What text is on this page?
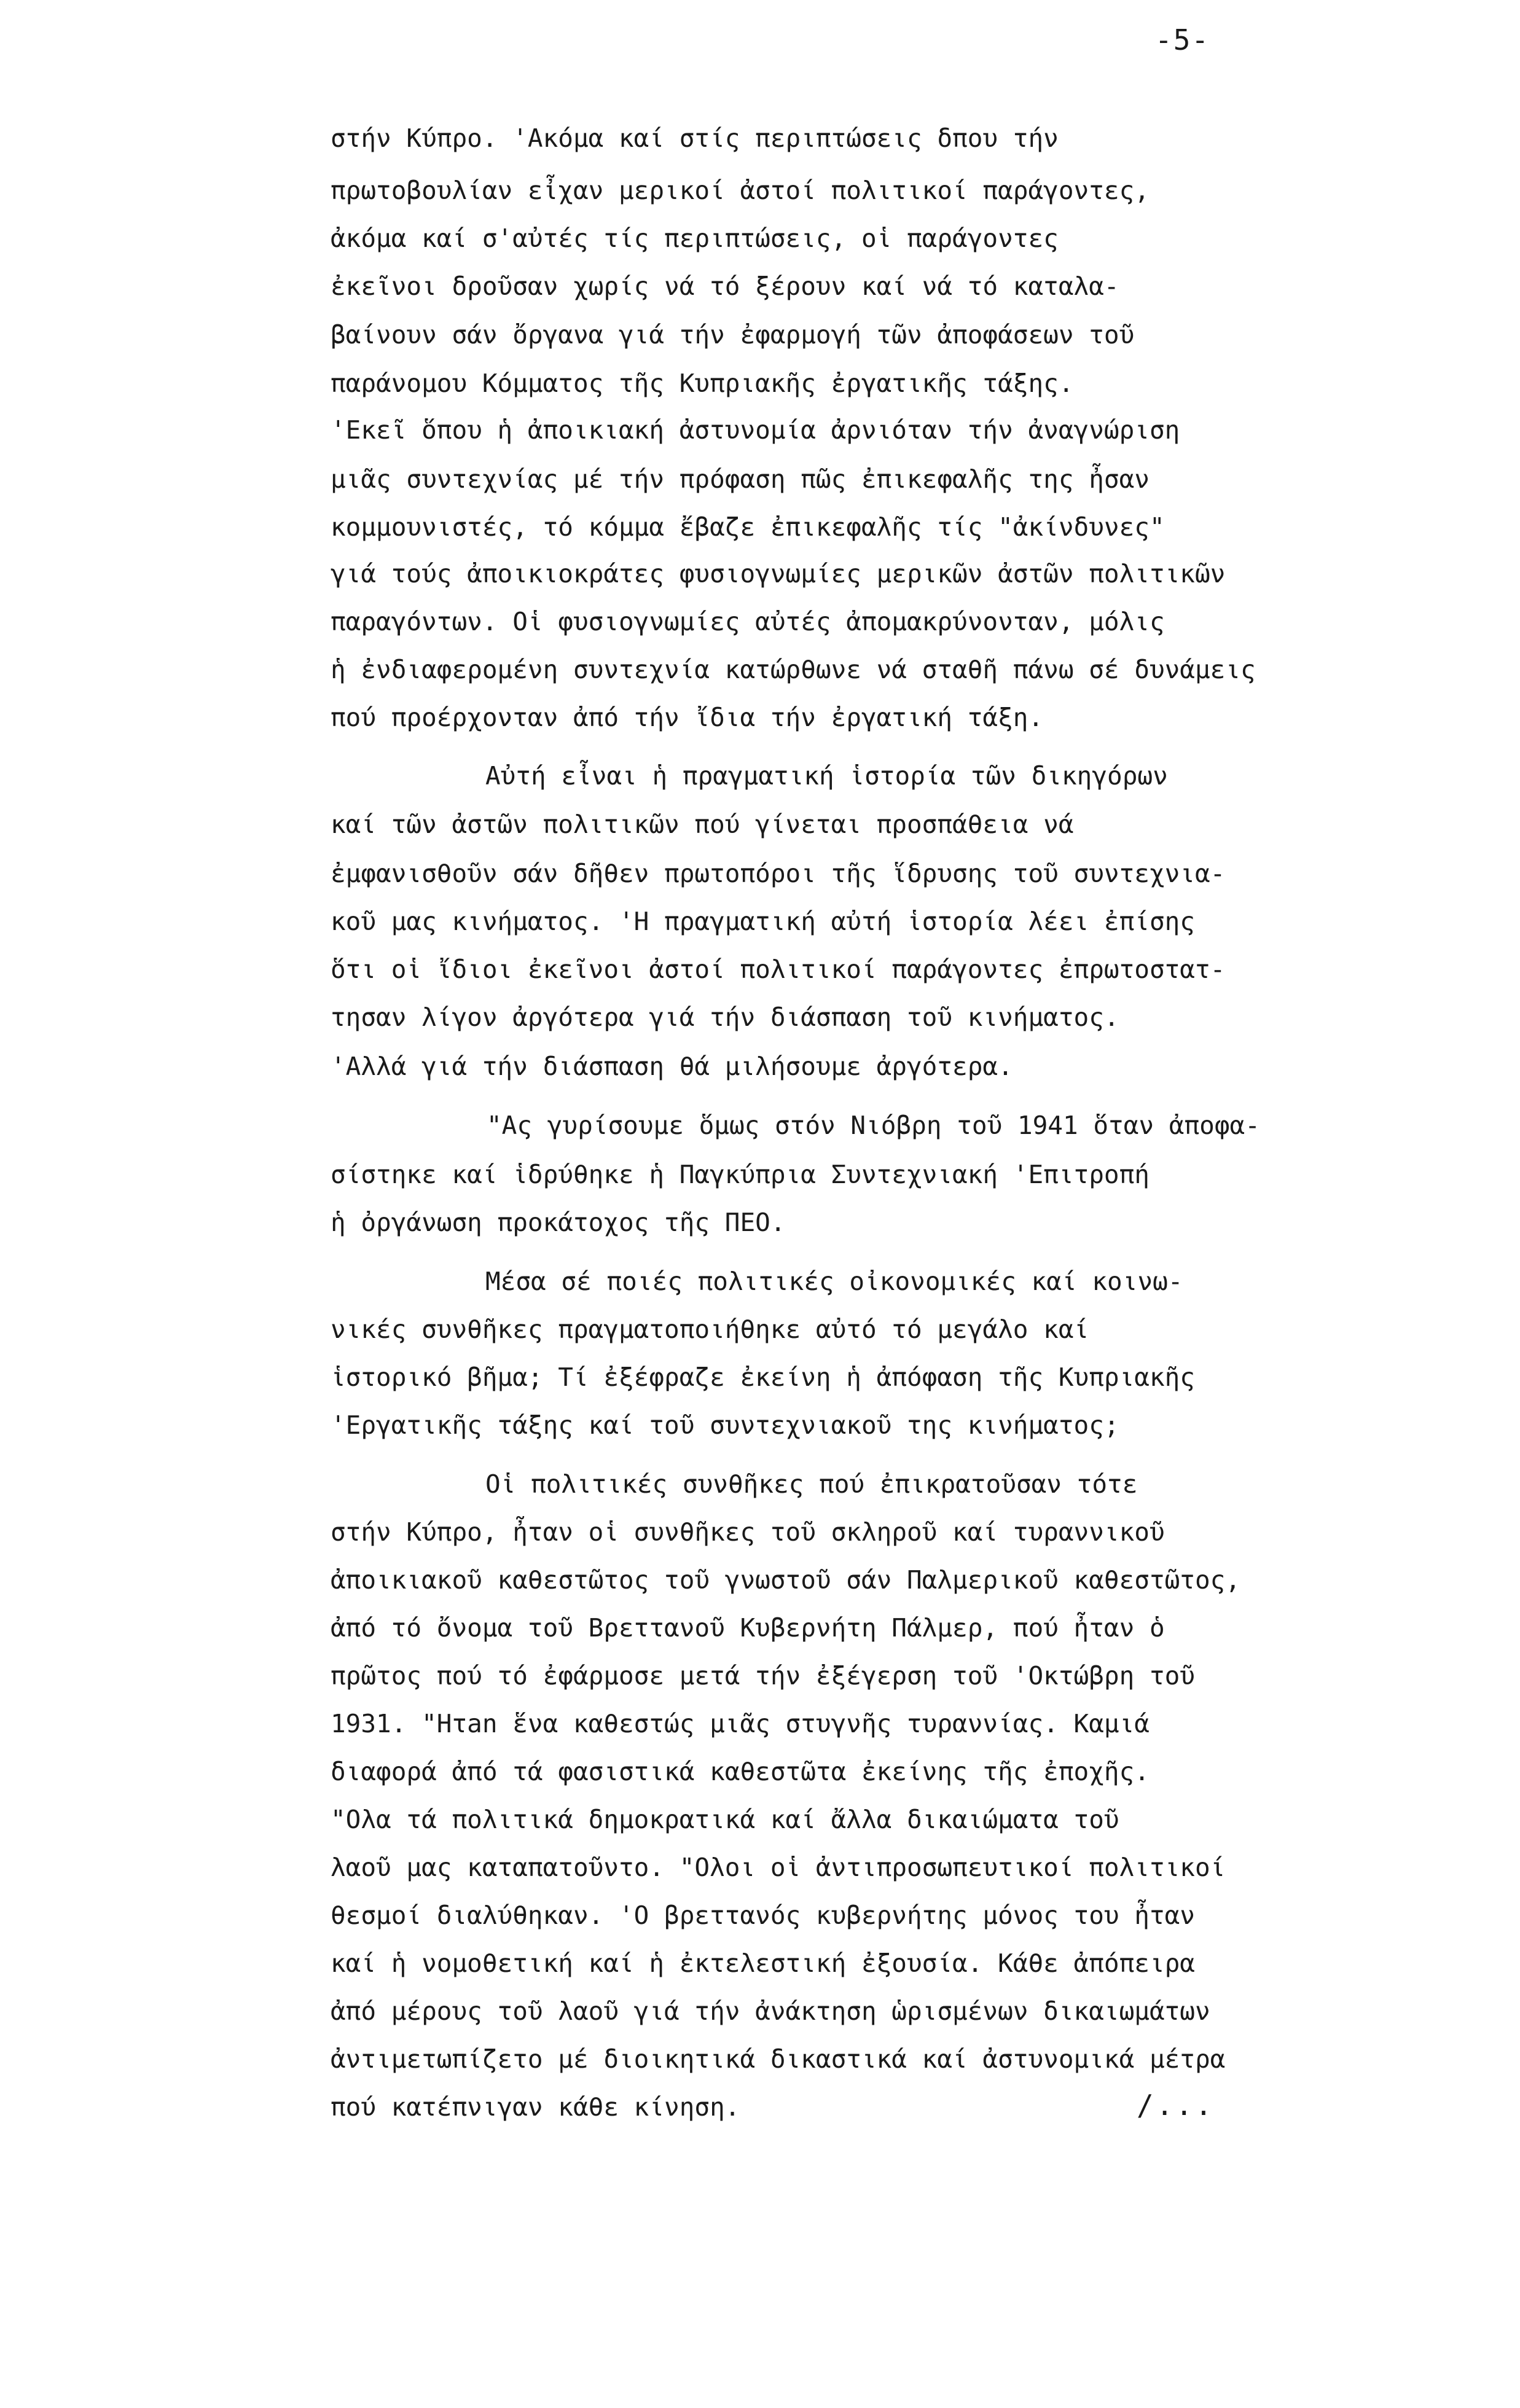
-5-
στήν Κύπρο. 'Ακόμα καί στίς περιπτώσεις δπου τήν
πρωτοβουλίαν εἶχαν μερικοί ἀστοί πολιτικοί παράγοντες,
ἀκόμα καί σ'αὐτές τίς περιπτώσεις, οἱ παράγοντες
ἐκεῖνοι δροῦσαν χωρίς νά τό ξέρουν καί νά τό καταλα-
βαίνουν σάν ὄργανα γιά τήν ἐφαρμογή τῶν ἀποφάσεων τοῦ
παράνομου Κόμματος τῆς Κυπριακῆς ἐργατικῆς τάξης.
'Εκεῖ ὅπου ἡ ἀποικιακή ἀστυνομία ἀρνιόταν τήν ἀναγνώριση
μιᾶς συντεχνίας μέ τήν πρόφαση πῶς ἐπικεφαλῆς της ἦσαν
κομμουνιστές, τό κόμμα ἔβαζε ἐπικεφαλῆς τίς "ἀκίνδυνες"
γιά τούς ἀποικιοκράτες φυσιογνωμίες μερικῶν ἀστῶν πολιτικῶν
παραγόντων. Οἱ φυσιογνωμίες αὐτές ἀπομακρύνονταν, μόλις
ἡ ἐνδιαφερομένη συντεχνία κατώρθωνε νά σταθῆ πάνω σέ δυνάμεις
πού προέρχονταν ἀπό τήν ἴδια τήν ἐργατική τάξη.
Αὐτή εἶναι ἡ πραγματική ἱστορία τῶν δικηγόρων
καί τῶν ἀστῶν πολιτικῶν πού γίνεται προσπάθεια νά
ἐμφανισθοῦν σάν δῆθεν πρωτοπόροι τῆς ἵδρυσης τοῦ συντεχνια-
κοῦ μας κινήματος. 'Η πραγματική αὐτή ἱστορία λέει ἐπίσης
ὅτι οἱ ἴδιοι ἐκεῖνοι ἀστοί πολιτικοί παράγοντες ἐπρωτοστατ-
τησαν λίγον ἀργότερα γιά τήν διάσπαση τοῦ κινήματος.
'Αλλά γιά τήν διάσπαση θά μιλήσουμε ἀργότερα.
"Ας γυρίσουμε ὅμως στόν Νιόβρη τοῦ 1941 ὅταν ἀποφα-
σίστηκε καί ἱδρύθηκε ἡ Παγκύπρια Συντεχνιακή 'Επιτροπή
ἡ ὀργάνωση προκάτοχος τῆς ΠΕΟ.
Μέσα σέ ποιές πολιτικές οἰκονομικές καί κοινω-
νικές συνθῆκες πραγματοποιήθηκε αὐτό τό μεγάλο καί
ἱστορικό βῆμα; Τί ἐξέφραζε ἐκείνη ἡ ἀπόφαση τῆς Κυπριακῆς
'Εργατικῆς τάξης καί τοῦ συντεχνιακοῦ της κινήματος;
Οἱ πολιτικές συνθῆκες πού ἐπικρατοῦσαν τότε
στήν Κύπρο, ἦταν οἱ συνθῆκες τοῦ σκληροῦ καί τυραννικοῦ
ἀποικιακοῦ καθεστῶτος τοῦ γνωστοῦ σάν Παλμερικοῦ καθεστῶτος,
ἀπό τό ὄνομα τοῦ Βρεττανοῦ Κυβερνήτη Πάλμερ, πού ἦταν ὁ
πρῶτος πού τό ἐφάρμοσε μετά τήν ἐξέγερση τοῦ 'Οκτώβρη τοῦ
1931. "Ητan ἕνα καθεστώς μιᾶς στυγνῆς τυραννίας. Καμιά
διαφορά ἀπό τά φασιστικά καθεστῶτα ἐκείνης τῆς ἐποχῆς.
"Ολα τά πολιτικά δημοκρατικά καί ἄλλα δικαιώματα τοῦ
λαοῦ μας καταπατοῦντο. "Ολοι οἱ ἀντιπροσωπευτικοί πολιτικοί
θεσμοί διαλύθηκαν. 'Ο βρεττανός κυβερνήτης μόνος του ἦταν
καί ἡ νομοθετική καί ἡ ἐκτελεστική ἐξουσία. Κάθε ἀπόπειρα
ἀπό μέρους τοῦ λαοῦ γιά τήν ἀνάκτηση ὡρισμένων δικαιωμάτων
ἀντιμετωπίζετο μέ διοικητικά δικαστικά καί ἀστυνομικά μέτρα
πού κατέπνιγαν κάθε κίνηση.	/...
